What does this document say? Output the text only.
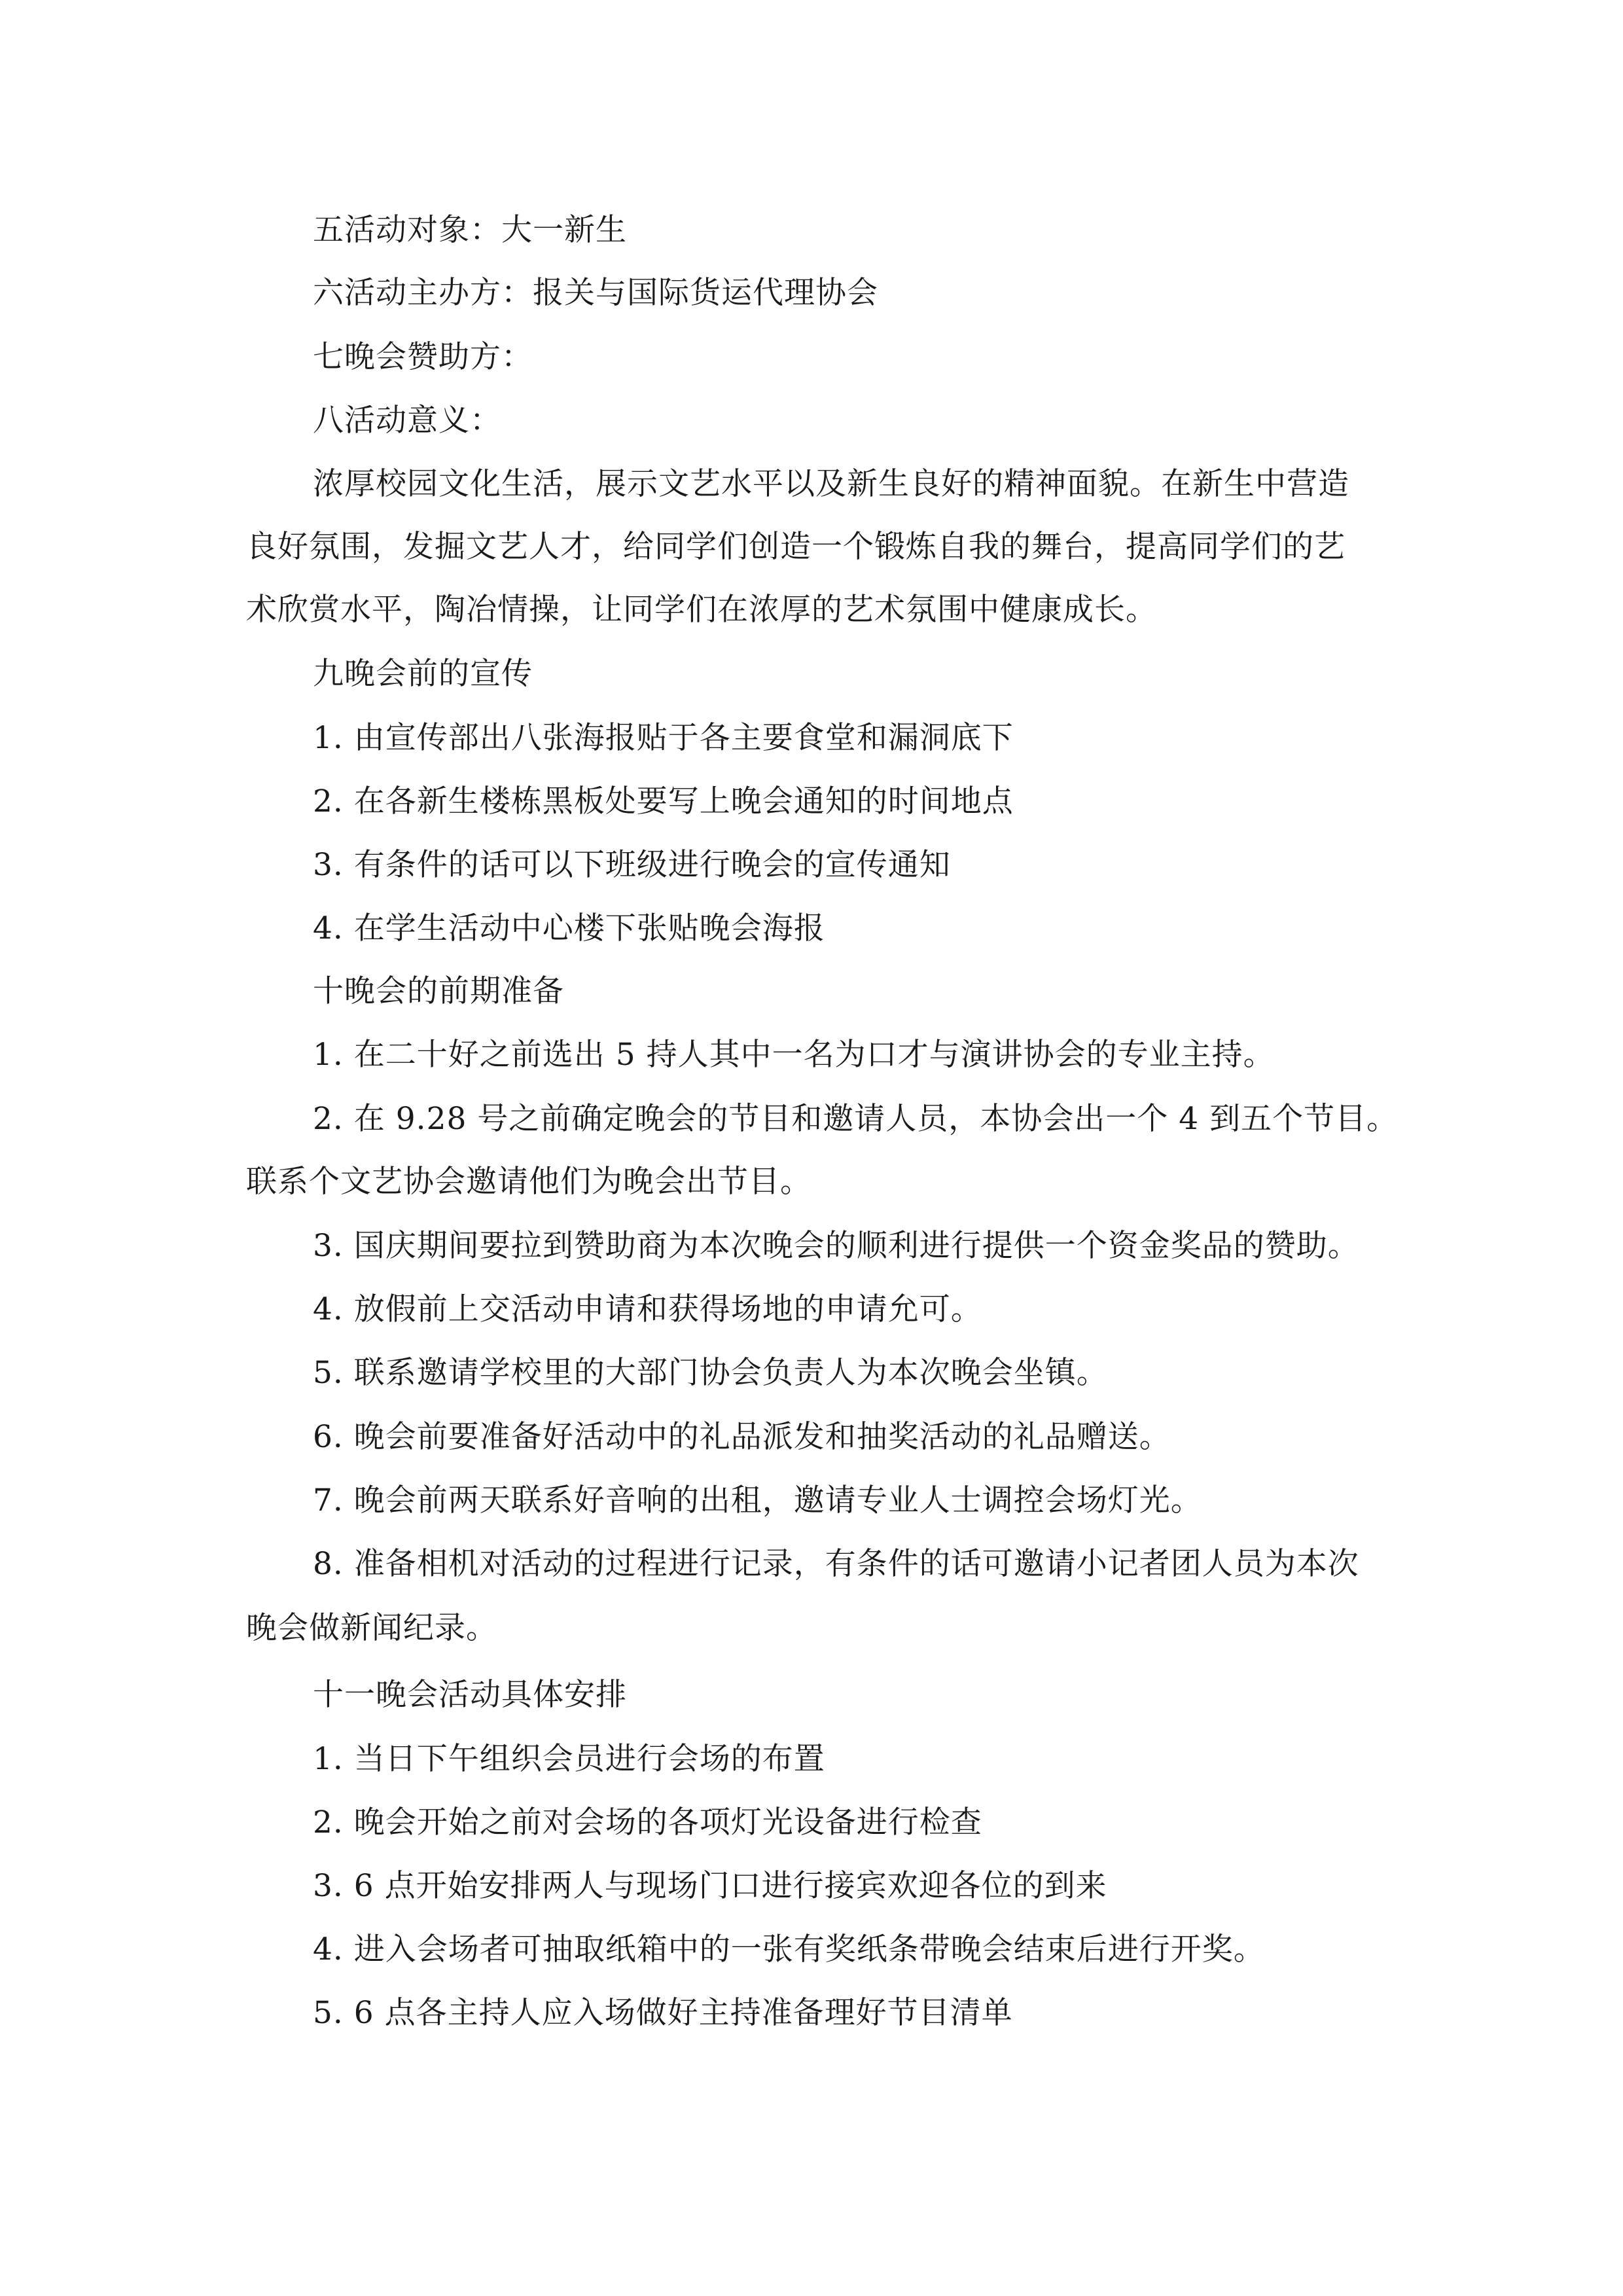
五活动对象：大一新生
六活动主办方：报关与国际货运代理协会
七晚会赞助方：
八活动意义：
浓厚校园文化生活，展示文艺水平以及新生良好的精神面貌。在新生中营造
良好氛围，发掘文艺人才，给同学们创造一个锻炼自我的舞台，提高同学们的艺
术欣赏水平，陶冶情操，让同学们在浓厚的艺术氛围中健康成长。
九晚会前的宣传
1. 由宣传部出八张海报贴于各主要食堂和漏洞底下
2. 在各新生楼栋黑板处要写上晚会通知的时间地点
3. 有条件的话可以下班级进行晚会的宣传通知
4. 在学生活动中心楼下张贴晚会海报
十晚会的前期准备
1. 在二十好之前选出 5 持人其中一名为口才与演讲协会的专业主持。
2. 在 9.28 号之前确定晚会的节目和邀请人员，本协会出一个 4 到五个节目。
联系个文艺协会邀请他们为晚会出节目。
3. 国庆期间要拉到赞助商为本次晚会的顺利进行提供一个资金奖品的赞助。
4. 放假前上交活动申请和获得场地的申请允可。
5. 联系邀请学校里的大部门协会负责人为本次晚会坐镇。
6. 晚会前要准备好活动中的礼品派发和抽奖活动的礼品赠送。
7. 晚会前两天联系好音响的出租，邀请专业人士调控会场灯光。
8. 准备相机对活动的过程进行记录，有条件的话可邀请小记者团人员为本次
晚会做新闻纪录。
十一晚会活动具体安排
1. 当日下午组织会员进行会场的布置
2. 晚会开始之前对会场的各项灯光设备进行检查
3. 6 点开始安排两人与现场门口进行接宾欢迎各位的到来
4. 进入会场者可抽取纸箱中的一张有奖纸条带晚会结束后进行开奖。
5. 6 点各主持人应入场做好主持准备理好节目清单
